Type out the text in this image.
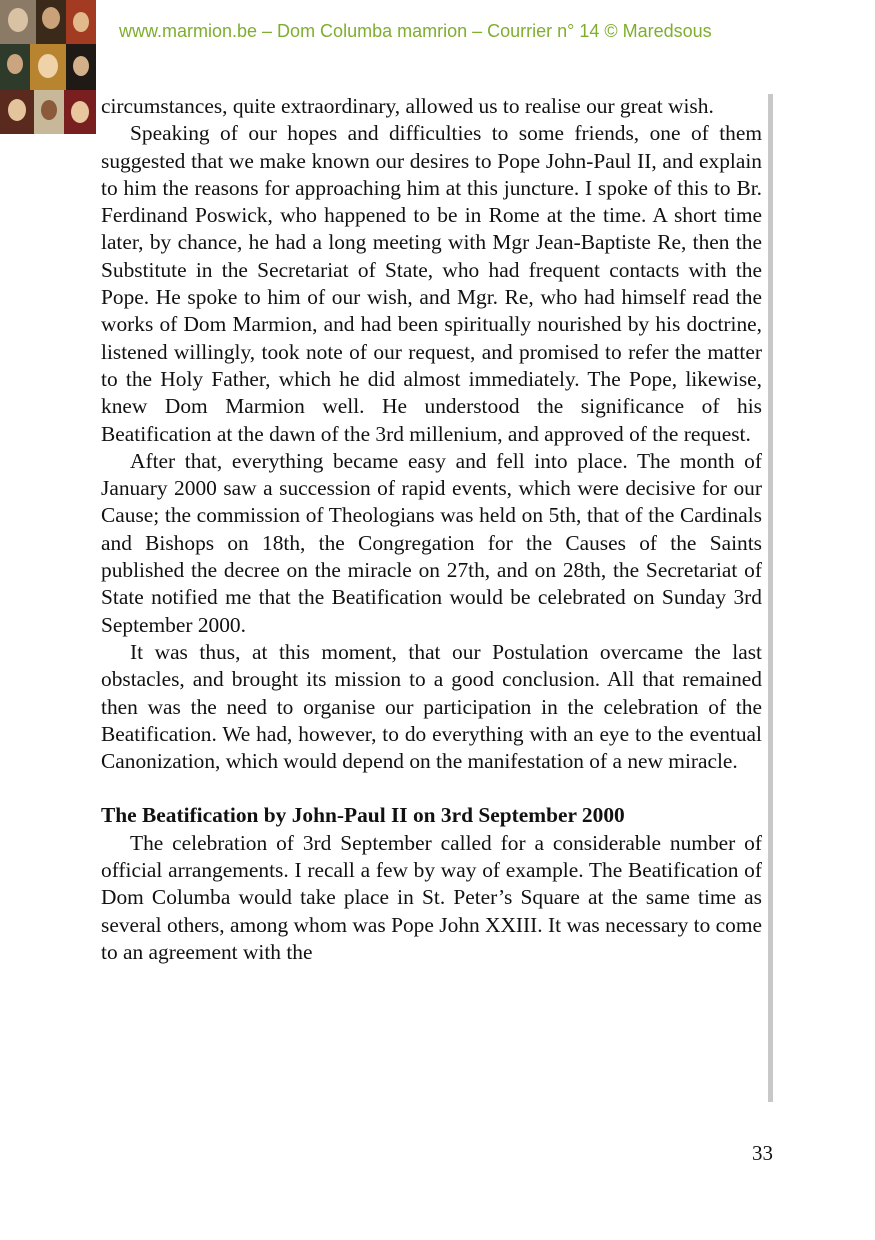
www.marmion.be – Dom Columba mamrion – Courrier n° 14 © Maredsous

circumstances, quite extraordinary, allowed us to realise our great wish.

Speaking of our hopes and difficulties to some friends, one of them suggested that we make known our desires to Pope John-Paul II, and explain to him the reasons for approaching him at this juncture. I spoke of this to Br. Ferdinand Poswick, who happened to be in Rome at the time. A short time later, by chance, he had a long meeting with Mgr Jean-Baptiste Re, then the Substitute in the Secretariat of State, who had frequent contacts with the Pope. He spoke to him of our wish, and Mgr. Re, who had himself read the works of Dom Marmion, and had been spiritually nourished by his doctrine, listened willingly, took note of our request, and promised to refer the matter to the Holy Father, which he did almost immediately. The Pope, likewise, knew Dom Marmion well. He understood the significance of his Beatification at the dawn of the 3rd millenium, and approved of the request.

After that, everything became easy and fell into place. The month of January 2000 saw a succession of rapid events, which were decisive for our Cause; the commission of Theologians was held on 5th, that of the Cardinals and Bishops on 18th, the Congregation for the Causes of the Saints published the decree on the miracle on 27th, and on 28th, the Secretariat of State notified me that the Beatification would be celebrated on Sunday 3rd September 2000.

It was thus, at this moment, that our Postulation overcame the last obstacles, and brought its mission to a good conclusion. All that remained then was the need to organise our participation in the celebration of the Beatification. We had, however, to do everything with an eye to the eventual Canonization, which would depend on the manifestation of a new miracle.

The Beatification by John-Paul II on 3rd September 2000

The celebration of 3rd September called for a considerable number of official arrangements. I recall a few by way of example. The Beatification of Dom Columba would take place in St. Peter’s Square at the same time as several others, among whom was Pope John XXIII. It was necessary to come to an agreement with the

33
